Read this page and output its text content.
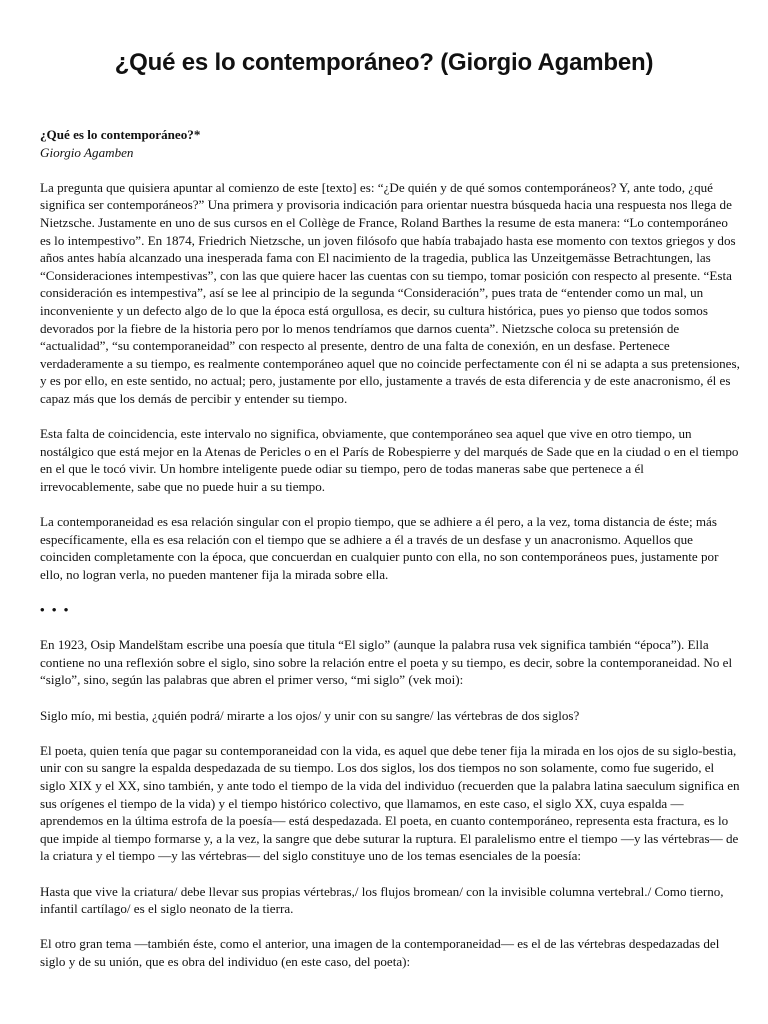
¿Qué es lo contemporáneo? (Giorgio Agamben)
¿Qué es lo contemporáneo?*
Giorgio Agamben

La pregunta que quisiera apuntar al comienzo de este [texto] es: “¿De quién y de qué somos contemporáneos? Y, ante todo, ¿qué significa ser contemporáneos?” Una primera y provisoria indicación para orientar nuestra búsqueda hacia una respuesta nos llega de Nietzsche. Justamente en uno de sus cursos en el Collège de France, Roland Barthes la resume de esta manera: “Lo contemporáneo es lo intempestivo”. En 1874, Friedrich Nietzsche, un joven filósofo que había trabajado hasta ese momento con textos griegos y dos años antes había alcanzado una inesperada fama con El nacimiento de la tragedia, publica las Unzeitgemässe Betrachtungen, las “Consideraciones intempestivas”, con las que quiere hacer las cuentas con su tiempo, tomar posición con respecto al presente. “Esta consideración es intempestiva”, así se lee al principio de la segunda “Consideración”, pues trata de “entender como un mal, un inconveniente y un defecto algo de lo que la época está orgullosa, es decir, su cultura histórica, pues yo pienso que todos somos devorados por la fiebre de la historia pero por lo menos tendríamos que darnos cuenta”. Nietzsche coloca su pretensión de “actualidad”, “su contemporaneidad” con respecto al presente, dentro de una falta de conexión, en un desfase. Pertenece verdaderamente a su tiempo, es realmente contemporáneo aquel que no coincide perfectamente con él ni se adapta a sus pretensiones, y es por ello, en este sentido, no actual; pero, justamente por ello, justamente a través de esta diferencia y de este anacronismo, él es capaz más que los demás de percibir y entender su tiempo.

Esta falta de coincidencia, este intervalo no significa, obviamente, que contemporáneo sea aquel que vive en otro tiempo, un nostálgico que está mejor en la Atenas de Pericles o en el París de Robespierre y del marqués de Sade que en la ciudad o en el tiempo en el que le tocó vivir. Un hombre inteligente puede odiar su tiempo, pero de todas maneras sabe que pertenece a él irrevocablemente, sabe que no puede huir a su tiempo.

La contemporaneidad es esa relación singular con el propio tiempo, que se adhiere a él pero, a la vez, toma distancia de éste; más específicamente, ella es esa relación con el tiempo que se adhiere a él a través de un desfase y un anacronismo. Aquellos que coinciden completamente con la época, que concuerdan en cualquier punto con ella, no son contemporáneos pues, justamente por ello, no logran verla, no pueden mantener fija la mirada sobre ella.

• • •

En 1923, Osip Mandelštam escribe una poesía que titula “El siglo” (aunque la palabra rusa vek significa también “época”). Ella contiene no una reflexión sobre el siglo, sino sobre la relación entre el poeta y su tiempo, es decir, sobre la contemporaneidad. No el “siglo”, sino, según las palabras que abren el primer verso, “mi siglo” (vek moi):

Siglo mío, mi bestia, ¿quién podrá/ mirarte a los ojos/ y unir con su sangre/ las vértebras de dos siglos?

El poeta, quien tenía que pagar su contemporaneidad con la vida, es aquel que debe tener fija la mirada en los ojos de su siglo-bestia, unir con su sangre la espalda despedazada de su tiempo. Los dos siglos, los dos tiempos no son solamente, como fue sugerido, el siglo XIX y el XX, sino también, y ante todo el tiempo de la vida del individuo (recuerden que la palabra latina saeculum significa en sus orígenes el tiempo de la vida) y el tiempo histórico colectivo, que llamamos, en este caso, el siglo XX, cuya espalda —aprendemos en la última estrofa de la poesía— está despedazada. El poeta, en cuanto contemporáneo, representa esta fractura, es lo que impide al tiempo formarse y, a la vez, la sangre que debe suturar la ruptura. El paralelismo entre el tiempo —y las vértebras— de la criatura y el tiempo —y las vértebras— del siglo constituye uno de los temas esenciales de la poesía:

Hasta que vive la criatura/ debe llevar sus propias vértebras,/ los flujos bromean/ con la invisible columna vertebral./ Como tierno, infantil cartílago/ es el siglo neonato de la tierra.

El otro gran tema —también éste, como el anterior, una imagen de la contemporaneidad— es el de las vértebras despedazadas del siglo y de su unión, que es obra del individuo (en este caso, del poeta):
